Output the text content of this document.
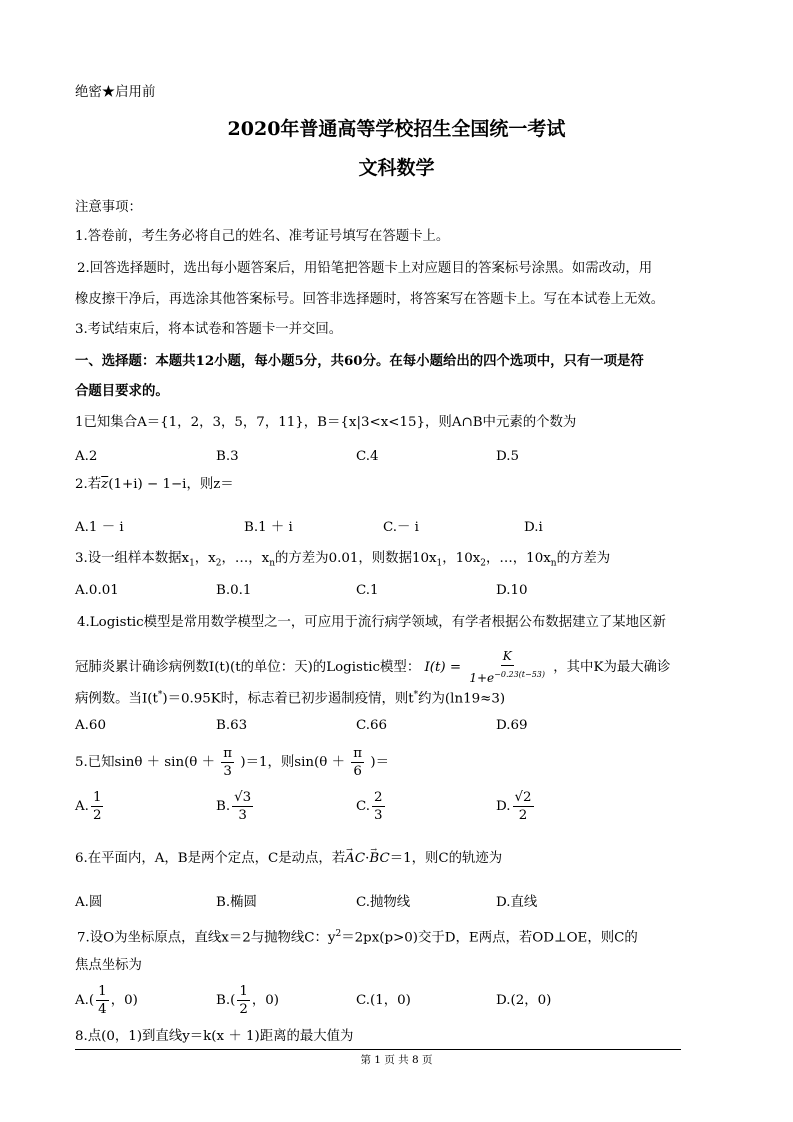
绝密★启用前
2020年普通高等学校招生全国统一考试
文科数学
注意事项：
1.答卷前，考生务必将自己的姓名、准考证号填写在答题卡上。
2.回答选择题时，选出每小题答案后，用铅笔把答题卡上对应题目的答案标号涂黑。如需改动，用
橡皮擦干净后，再选涂其他答案标号。回答非选择题时，将答案写在答题卡上。写在本试卷上无效。
3.考试结束后，将本试卷和答题卡一并交回。
一、选择题：本题共12小题，每小题5分，共60分。在每小题给出的四个选项中，只有一项是符
合题目要求的。
1已知集合A＝{1，2，3，5，7，11}，B＝{x|3<x<15}，则A∩B中元素的个数为
A.2	B.3	C.4	D.5
2.若$\overline{z}(1+i) - 1-i$，则z＝
A.1 － i	B.1 ＋ i	C.－ i	D.i
3.设一组样本数据$x_1$，$x_2$，…，$x_n$的方差为0.01，则数据$10x_1$，$10x_2$，…，$10x_n$的方差为
A.0.01	B.0.1	C.1	D.10
4.Logistic模型是常用数学模型之一，可应用于流行病学领域，有学者根据公布数据建立了某地区新
冠肺炎累计确诊病例数I(t)(t的单位：天)的Logistic模型： $I(t) = \frac{K}{1+e^{-0.23(t-53)}}$ ，其中K为最大确诊
病例数。当I(t*)＝0.95K时，标志着已初步遏制疫情，则t*约为(ln19≈3)
A.60	B.63	C.66	D.69
5.已知$\sin\theta + \sin(\theta + \frac{\pi}{3} )=1$，则$\sin(\theta + \frac{\pi}{6}$ )＝
A. $\frac{1}{2}$	B. $\frac{√3}{3}$	C. $\frac{2}{3}$	D. $\frac{√2}{2}$
6.在平面内，A，B是两个定点，C是动点，若→ AC·→ BC＝1，则C的轨迹为
A.圆	B.椭圆	C.抛物线	D.直线
7.设O为坐标原点，直线x＝2与抛物线C：$y^2=2px(p>0)$交于D，E两点，若OD⊥OE，则C的
焦点坐标为
$A.( \frac{1}{4}$ ，0)	$B.( \frac{1}{2}$ ，0)	C.(1，0)	D.(2，0)
8.点(0，1)到直线y＝k(x ＋ 1)距离的最大值为
第 1 页 共 8 页
